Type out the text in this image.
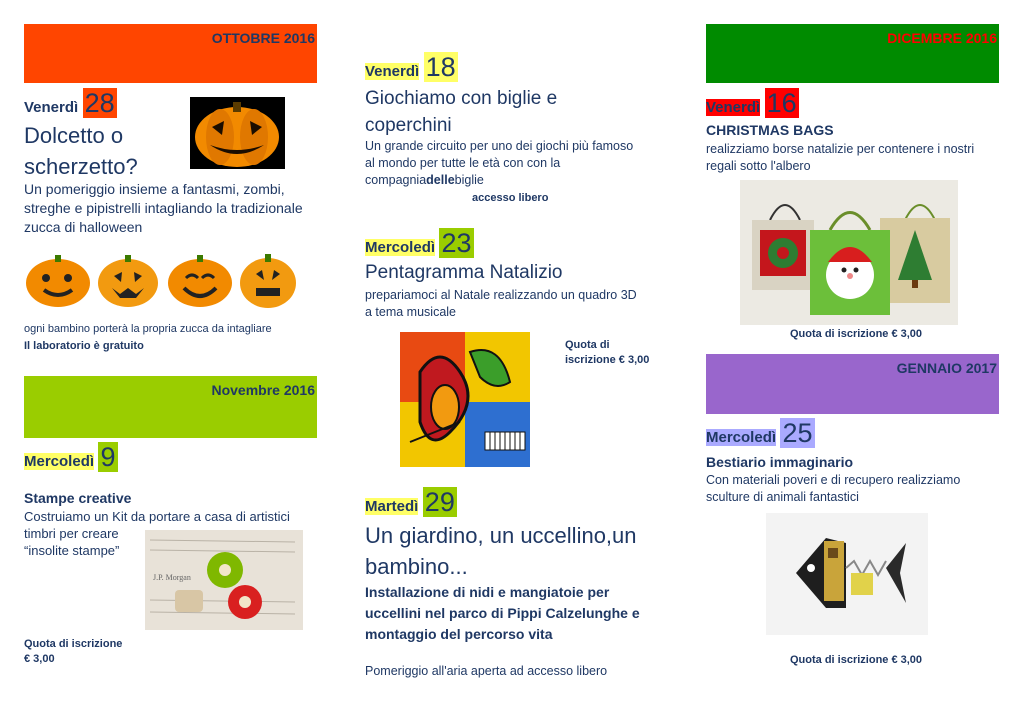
OTTOBRE 2016
Venerdì 28
Dolcetto o
scherzetto?
Un pomeriggio insieme a fantasmi, zombi, streghe e pipistrelli intagliando la tradizionale zucca di halloween
ogni bambino porterà la propria zucca da intagliare
Il laboratorio è gratuito
Novembre 2016
Mercoledì 9
Stampe creative
Costruiamo un Kit da portare a casa di artistici
timbri per creare
“insolite stampe”
J.P. Morgan
Quota di iscrizione
€ 3,00
Venerdì 18
Giochiamo con biglie e
coperchini
Un grande circuito per uno dei giochi più famoso
al mondo per tutte le età con con la
compagniadellebiglie
accesso libero
Mercoledì 23
Pentagramma Natalizio
prepariamoci al Natale realizzando un quadro 3D
a tema musicale
Quota di
iscrizione € 3,00
Martedì 29
Un giardino, un uccellino,un
bambino...
Installazione di nidi e mangiatoie per
uccellini nel parco di Pippi Calzelunghe e
montaggio del percorso vita
Pomeriggio all'aria aperta ad accesso libero
DICEMBRE 2016
Venerdì 16
CHRISTMAS BAGS
realizziamo borse natalizie per contenere i nostri
regali sotto l'albero
Quota di iscrizione € 3,00
GENNAIO 2017
Mercoledì 25
Bestiario immaginario
Con materiali poveri e di recupero realizziamo
sculture di animali fantastici
Quota di iscrizione € 3,00
